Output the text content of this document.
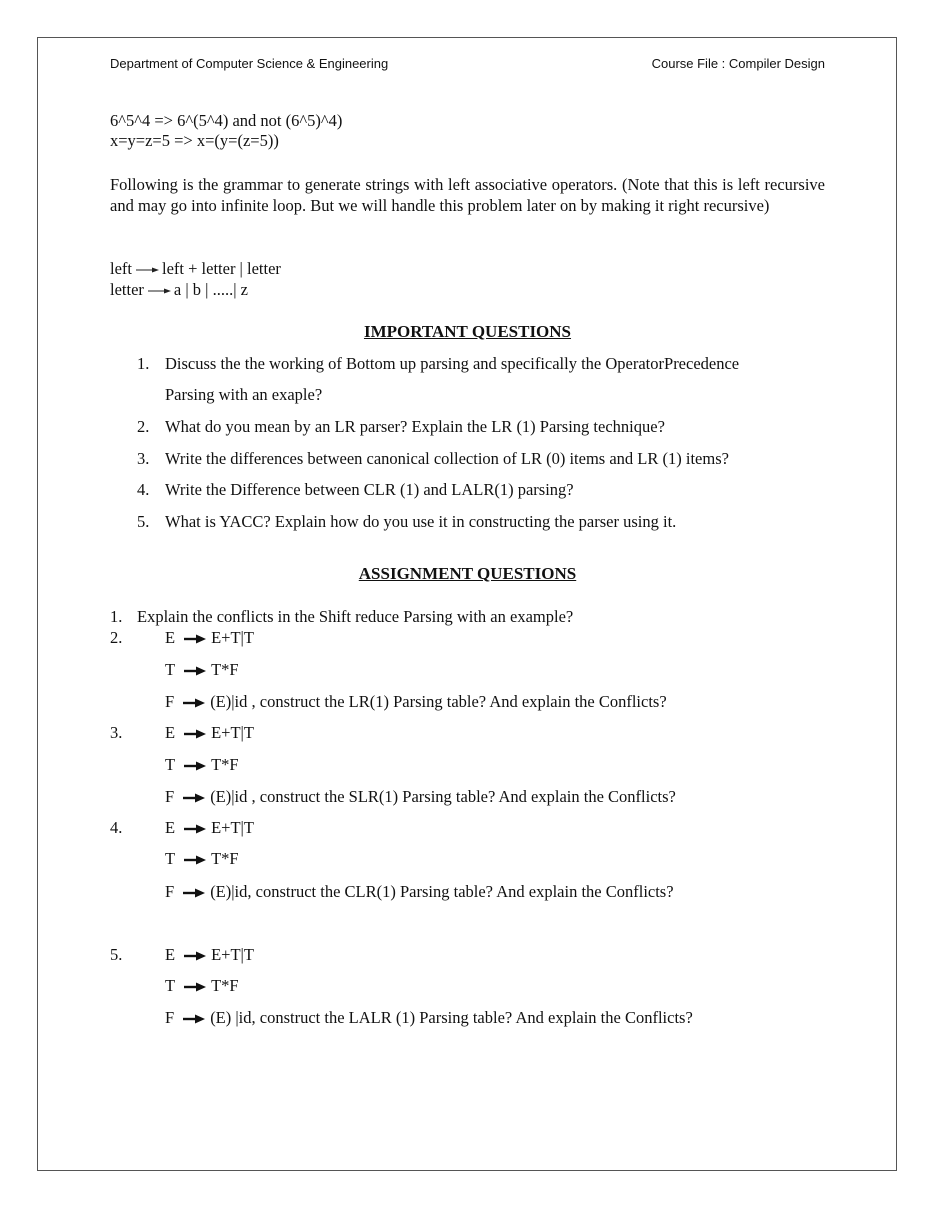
Department of Computer Science & Engineering	Course File : Compiler Design
6^5^4 => 6^(5^4) and not (6^5)^4)
x=y=z=5 => x=(y=(z=5))
Following is the grammar to generate strings with left associative operators. (Note that this is left recursive and may go into infinite loop. But we will handle this problem later on by making it right recursive)
left left + letter | letter
letter a | b | .....| z
IMPORTANT QUESTIONS
1. Discuss the the working of Bottom up parsing and specifically the OperatorPrecedence
Parsing with an exaple?
2. What do you mean by an LR parser? Explain the LR (1) Parsing technique?
3. Write the differences between canonical collection of LR (0) items and LR (1) items?
4. Write the Difference between CLR (1) and LALR(1) parsing?
5. What is YACC? Explain how do you use it in constructing the parser using it.
ASSIGNMENT QUESTIONS
1. Explain the conflicts in the Shift reduce Parsing with an example?
2.	E E+T|T
T T*F
F (E)|id , construct the LR(1) Parsing table? And explain the Conflicts?
3.	E E+T|T
T T*F
F (E)|id , construct the SLR(1) Parsing table? And explain the Conflicts?
4.	E E+T|T
T T*F
F (E)|id, construct the CLR(1) Parsing table? And explain the Conflicts?
5.	E E+T|T
T T*F
F (E) |id, construct the LALR (1) Parsing table? And explain the Conflicts?
